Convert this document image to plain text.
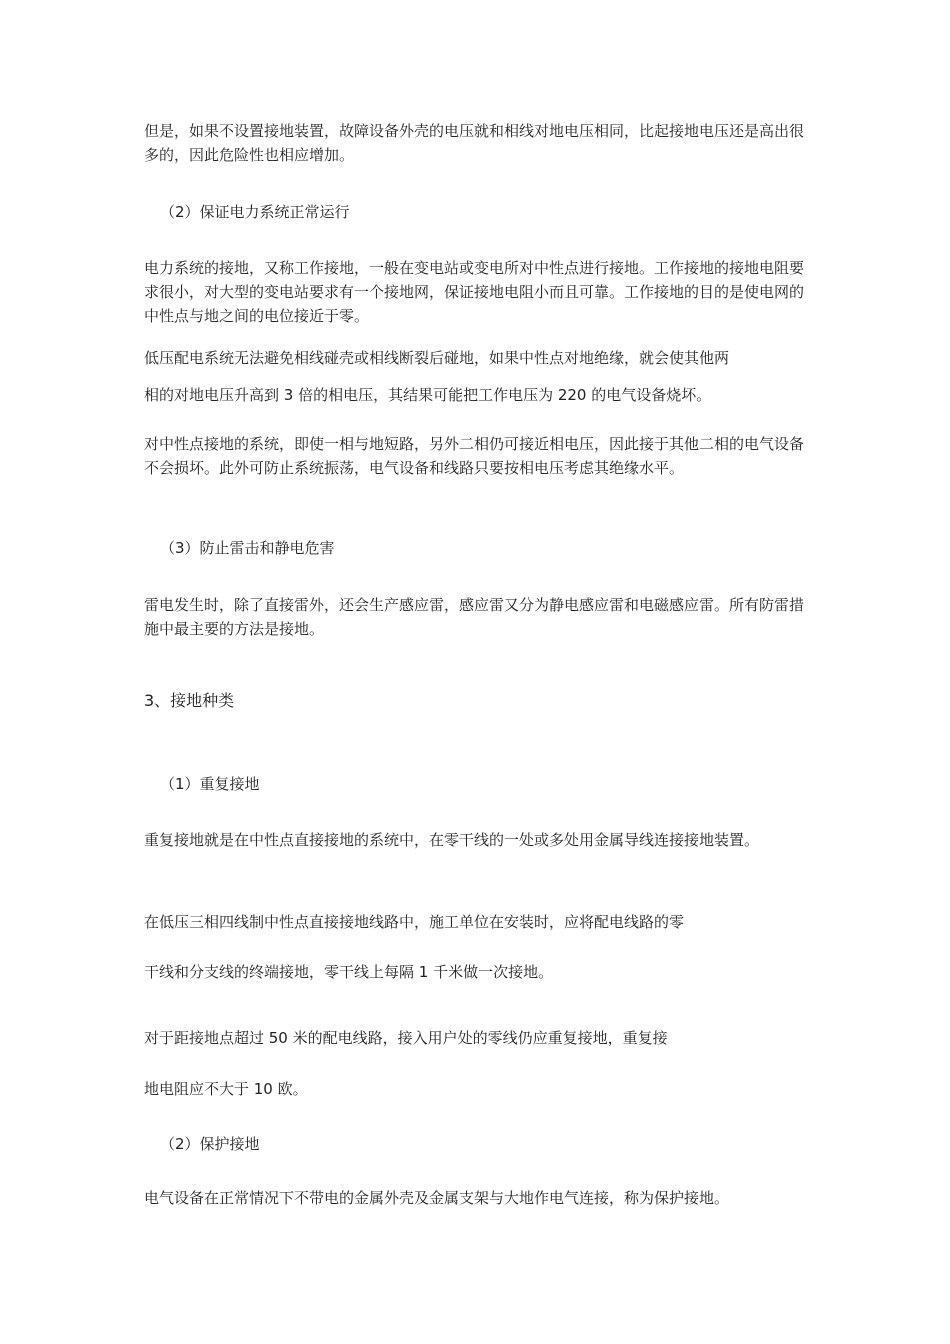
但是，如果不设置接地装置，故障设备外壳的电压就和相线对地电压相同，比起接地电压还是高出很多的，因此危险性也相应增加。

（2）保证电力系统正常运行

电力系统的接地，又称工作接地，一般在变电站或变电所对中性点进行接地。工作接地的接地电阻要求很小，对大型的变电站要求有一个接地网，保证接地电阻小而且可靠。工作接地的目的是使电网的中性点与地之间的电位接近于零。

低压配电系统无法避免相线碰壳或相线断裂后碰地，如果中性点对地绝缘，就会使其他两

相的对地电压升高到 3 倍的相电压，其结果可能把工作电压为 220 的电气设备烧坏。

对中性点接地的系统，即使一相与地短路，另外二相仍可接近相电压，因此接于其他二相的电气设备不会损坏。此外可防止系统振荡，电气设备和线路只要按相电压考虑其绝缘水平。

（3）防止雷击和静电危害

雷电发生时，除了直接雷外，还会生产感应雷，感应雷又分为静电感应雷和电磁感应雷。所有防雷措施中最主要的方法是接地。

3、接地种类

（1）重复接地

重复接地就是在中性点直接接地的系统中，在零干线的一处或多处用金属导线连接接地装置。

在低压三相四线制中性点直接接地线路中，施工单位在安装时，应将配电线路的零

干线和分支线的终端接地，零干线上每隔 1 千米做一次接地。

对于距接地点超过 50 米的配电线路，接入用户处的零线仍应重复接地，重复接

地电阻应不大于 10 欧。

（2）保护接地

电气设备在正常情况下不带电的金属外壳及金属支架与大地作电气连接，称为保护接地。
